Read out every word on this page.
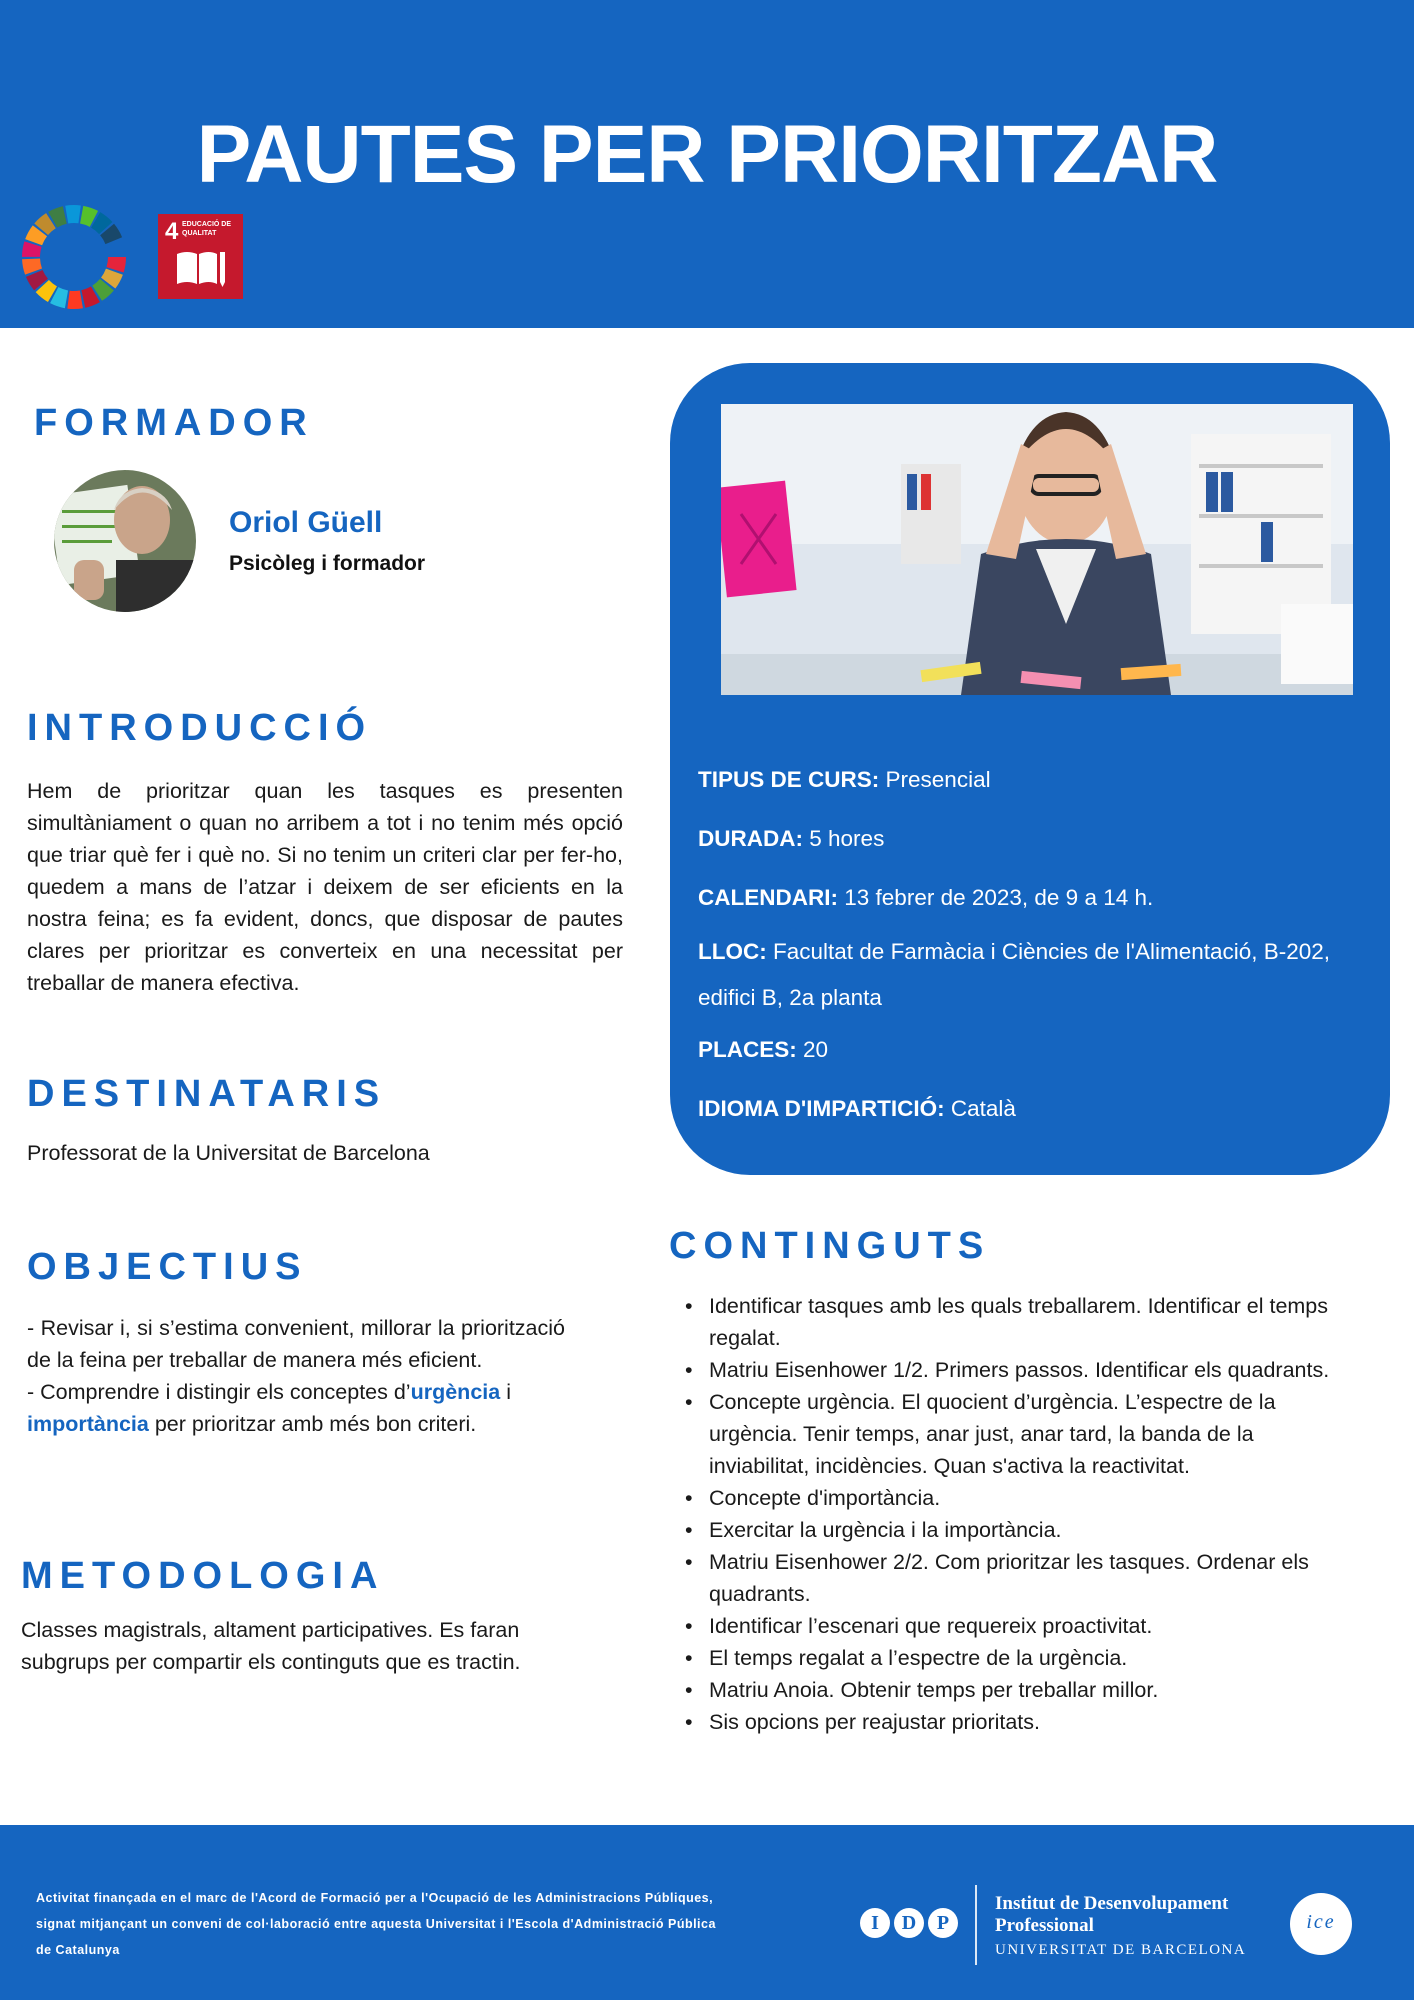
PAUTES PER PRIORITZAR
4 EDUCACIÓ DE QUALITAT
FORMADOR
Oriol Güell
Psicòleg i formador
INTRODUCCIÓ
Hem de prioritzar quan les tasques es presenten simultàniament o quan no arribem a tot i no tenim més opció que triar què fer i què no. Si no tenim un criteri clar per fer-ho, quedem a mans de l’atzar i deixem de ser eficients en la nostra feina; es fa evident, doncs, que disposar de pautes clares per prioritzar es converteix en una necessitat per treballar de manera efectiva.
DESTINATARIS
Professorat de la Universitat de Barcelona
OBJECTIUS
- Revisar i, si s’estima convenient, millorar la priorització de la feina per treballar de manera més eficient.
- Comprendre i distingir els conceptes d’urgència i importància per prioritzar amb més bon criteri.
METODOLOGIA
Classes magistrals, altament participatives. Es faran subgrups per compartir els continguts que es tractin.
TIPUS DE CURS: Presencial
DURADA: 5 hores
CALENDARI: 13 febrer de 2023, de 9 a 14 h.
LLOC: Facultat de Farmàcia i Ciències de l'Alimentació, B-202, edifici B, 2a planta
PLACES: 20
IDIOMA D'IMPARTICIÓ: Català
CONTINGUTS
• Identificar tasques amb les quals treballarem. Identificar el temps regalat.
• Matriu Eisenhower 1/2. Primers passos. Identificar els quadrants.
• Concepte urgència. El quocient d’urgència. L’espectre de la urgència. Tenir temps, anar just, anar tard, la banda de la inviabilitat, incidències. Quan s'activa la reactivitat.
• Concepte d'importància.
• Exercitar la urgència i la importància.
• Matriu Eisenhower 2/2. Com prioritzar les tasques. Ordenar els quadrants.
• Identificar l’escenari que requereix proactivitat.
• El temps regalat a l’espectre de la urgència.
• Matriu Anoia. Obtenir temps per treballar millor.
• Sis opcions per reajustar prioritats.
Activitat finançada en el marc de l'Acord de Formació per a l'Ocupació de les Administracions Públiques, signat mitjançant un conveni de col·laboració entre aquesta Universitat i l'Escola d'Administració Pública de Catalunya
I	D	P
Institut de Desenvolupament
Professional
UNIVERSITAT DE BARCELONA
ice
